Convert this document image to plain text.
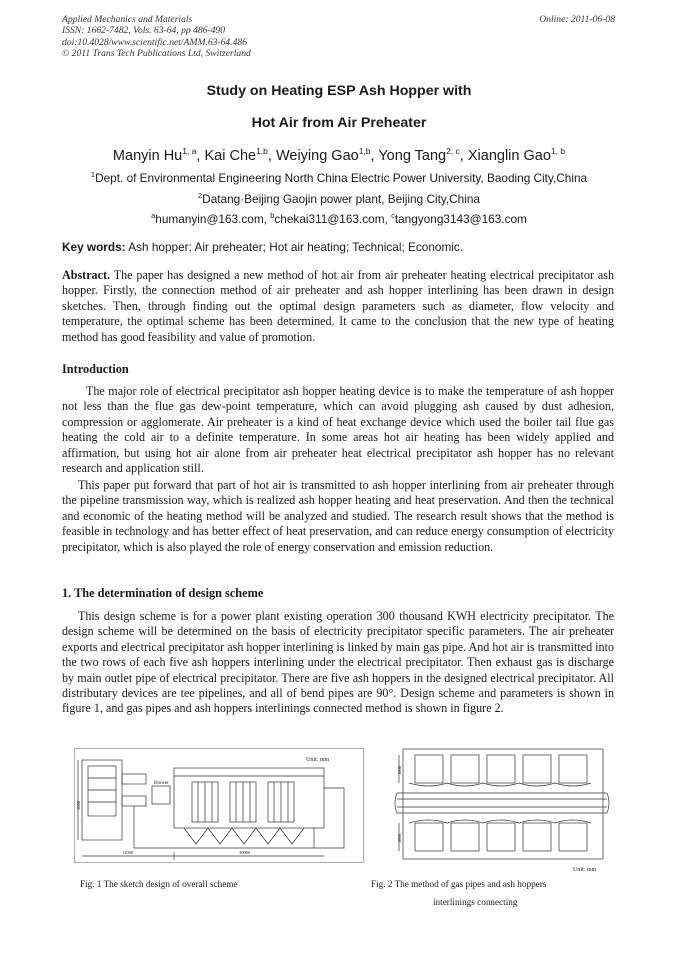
Applied Mechanics and Materials
ISSN: 1662-7482, Vols. 63-64, pp 486-490
doi:10.4028/www.scientific.net/AMM.63-64.486
© 2011 Trans Tech Publications Ltd, Switzerland
Online: 2011-06-08
Study on Heating ESP Ash Hopper with
Hot Air from Air Preheater
Manyin Hu$^{1, a}$, Kai Che$^{1,b}$, Weiying Gao$^{1,b}$, Yong Tang$^{2, c}$, Xianglin Gao$^{1, b}$
$^1$Dept. of Environmental Engineering North China Electric Power University, Baoding City,China
$^2$Datang·Beijing Gaojin power plant, Beijing City,China
$^a$humanyin@163.com, $^b$chekai311@163.com, $^c$tangyong3143@163.com
Key words: Ash hopper; Air preheater; Hot air heating; Technical; Economic.
Abstract. The paper has designed a new method of hot air from air preheater heating electrical precipitator ash hopper. Firstly, the connection method of air preheater and ash hopper interlining has been drawn in design sketches. Then, through finding out the optimal design parameters such as diameter, flow velocity and temperature, the optimal scheme has been determined. It came to the conclusion that the new type of heating method has good feasibility and value of promotion.
Introduction
The major role of electrical precipitator ash hopper heating device is to make the temperature of ash hopper not less than the flue gas dew-point temperature, which can avoid plugging ash caused by dust adhesion, compression or agglomerate. Air preheater is a kind of heat exchange device which used the boiler tail flue gas heating the cold air to a definite temperature. In some areas hot air heating has been widely applied and affirmation, but using hot air alone from air preheater heat electrical precipitator ash hopper has no relevant research and application still.
This paper put forward that part of hot air is transmitted to ash hopper interlining from air preheater through the pipeline transmission way, which is realized ash hopper heating and heat preservation. And then the technical and economic of the heating method will be analyzed and studied. The research result shows that the method is feasible in technology and has better effect of heat preservation, and can reduce energy consumption of electricity precipitator, which is also played the role of energy conservation and emission reduction.
1. The determination of design scheme
This design scheme is for a power plant existing operation 300 thousand KWH electricity precipitator. The design scheme will be determined on the basis of electricity precipitator specific parameters. The air preheater exports and electrical precipitator ash hopper interlining is linked by main gas pipe. And hot air is transmitted into the two rows of each five ash hoppers interlining under the electrical precipitator. Then exhaust gas is discharge by main outlet pipe of electrical precipitator. There are five ash hoppers in the designed electrical precipitator. All distributary devices are tee pipelines, and all of bend pipes are 90°. Design scheme and parameters is shown in figure 1, and gas pipes and ash hoppers interlinings connected method is shown in figure 2.
Unit: mm
Blower
12000	30000
3000
1000
1000
Unit: mm
Fig. 1 The sketch design of overall scheme	Fig. 2 The method of gas pipes and ash hoppers
interlinings connecting
